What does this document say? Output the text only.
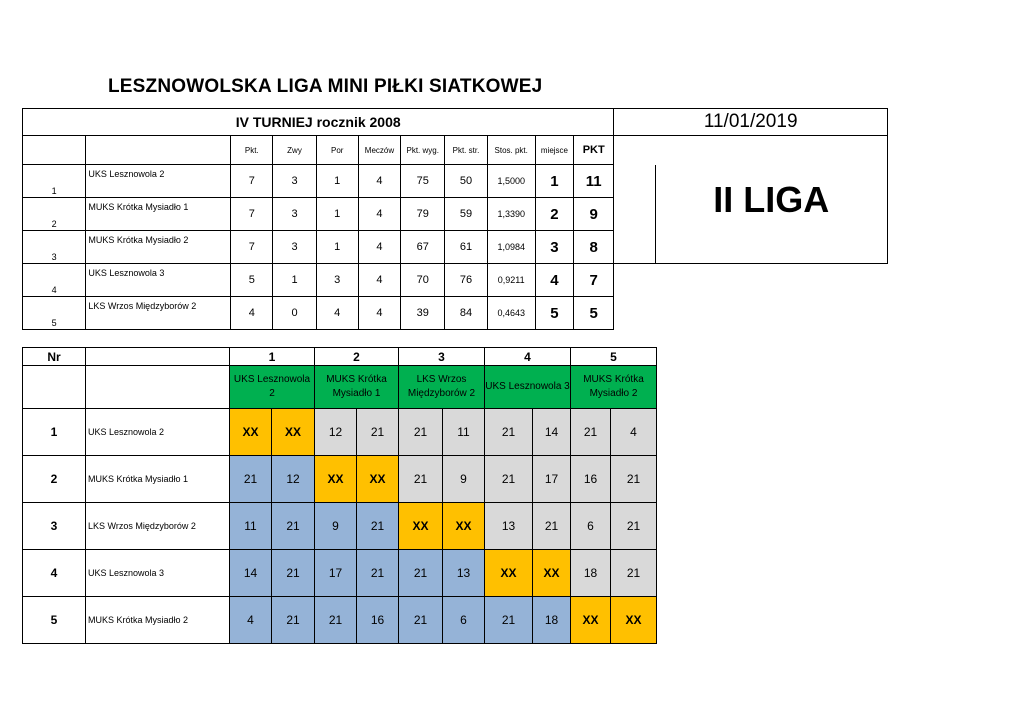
LESZNOWOLSKA LIGA MINI PIŁKI SIATKOWEJ
IV TURNIEJ rocznik 2008											11/01/2019	
		Pkt.	Zwy	Por	Meczów	Pkt. wyg.	Pkt. str.	Stos. pkt.	miejsce	PKT		II LIGA
1	UKS Lesznowola 2	7	3	1	4	75	50	1,5000	1	11		
2	MUKS Krótka Mysiadło 1	7	3	1	4	79	59	1,3390	2	9		
3	MUKS Krótka Mysiadło 2	7	3	1	4	67	61	1,0984	3	8		
4	UKS Lesznowola 3	5	1	3	4	70	76	0,9211	4	7		
5	LKS Wrzos Międzyborów 2	4	0	4	4	39	84	0,4643	5	5		
Nr		1		2		3		4		5	
		UKS Lesznowola 2		MUKS Krótka Mysiadło 1		LKS Wrzos Międzyborów 2		UKS Lesznowola 3		MUKS Krótka Mysiadło 2	
1	UKS Lesznowola 2	XX	XX	12	21	21	11	21	14	21	4
2	MUKS Krótka Mysiadło 1	21	12	XX	XX	21	9	21	17	16	21
3	LKS Wrzos Międzyborów 2	11	21	9	21	XX	XX	13	21	6	21
4	UKS Lesznowola 3	14	21	17	21	21	13	XX	XX	18	21
5	MUKS Krótka Mysiadło 2	4	21	21	16	21	6	21	18	XX	XX
